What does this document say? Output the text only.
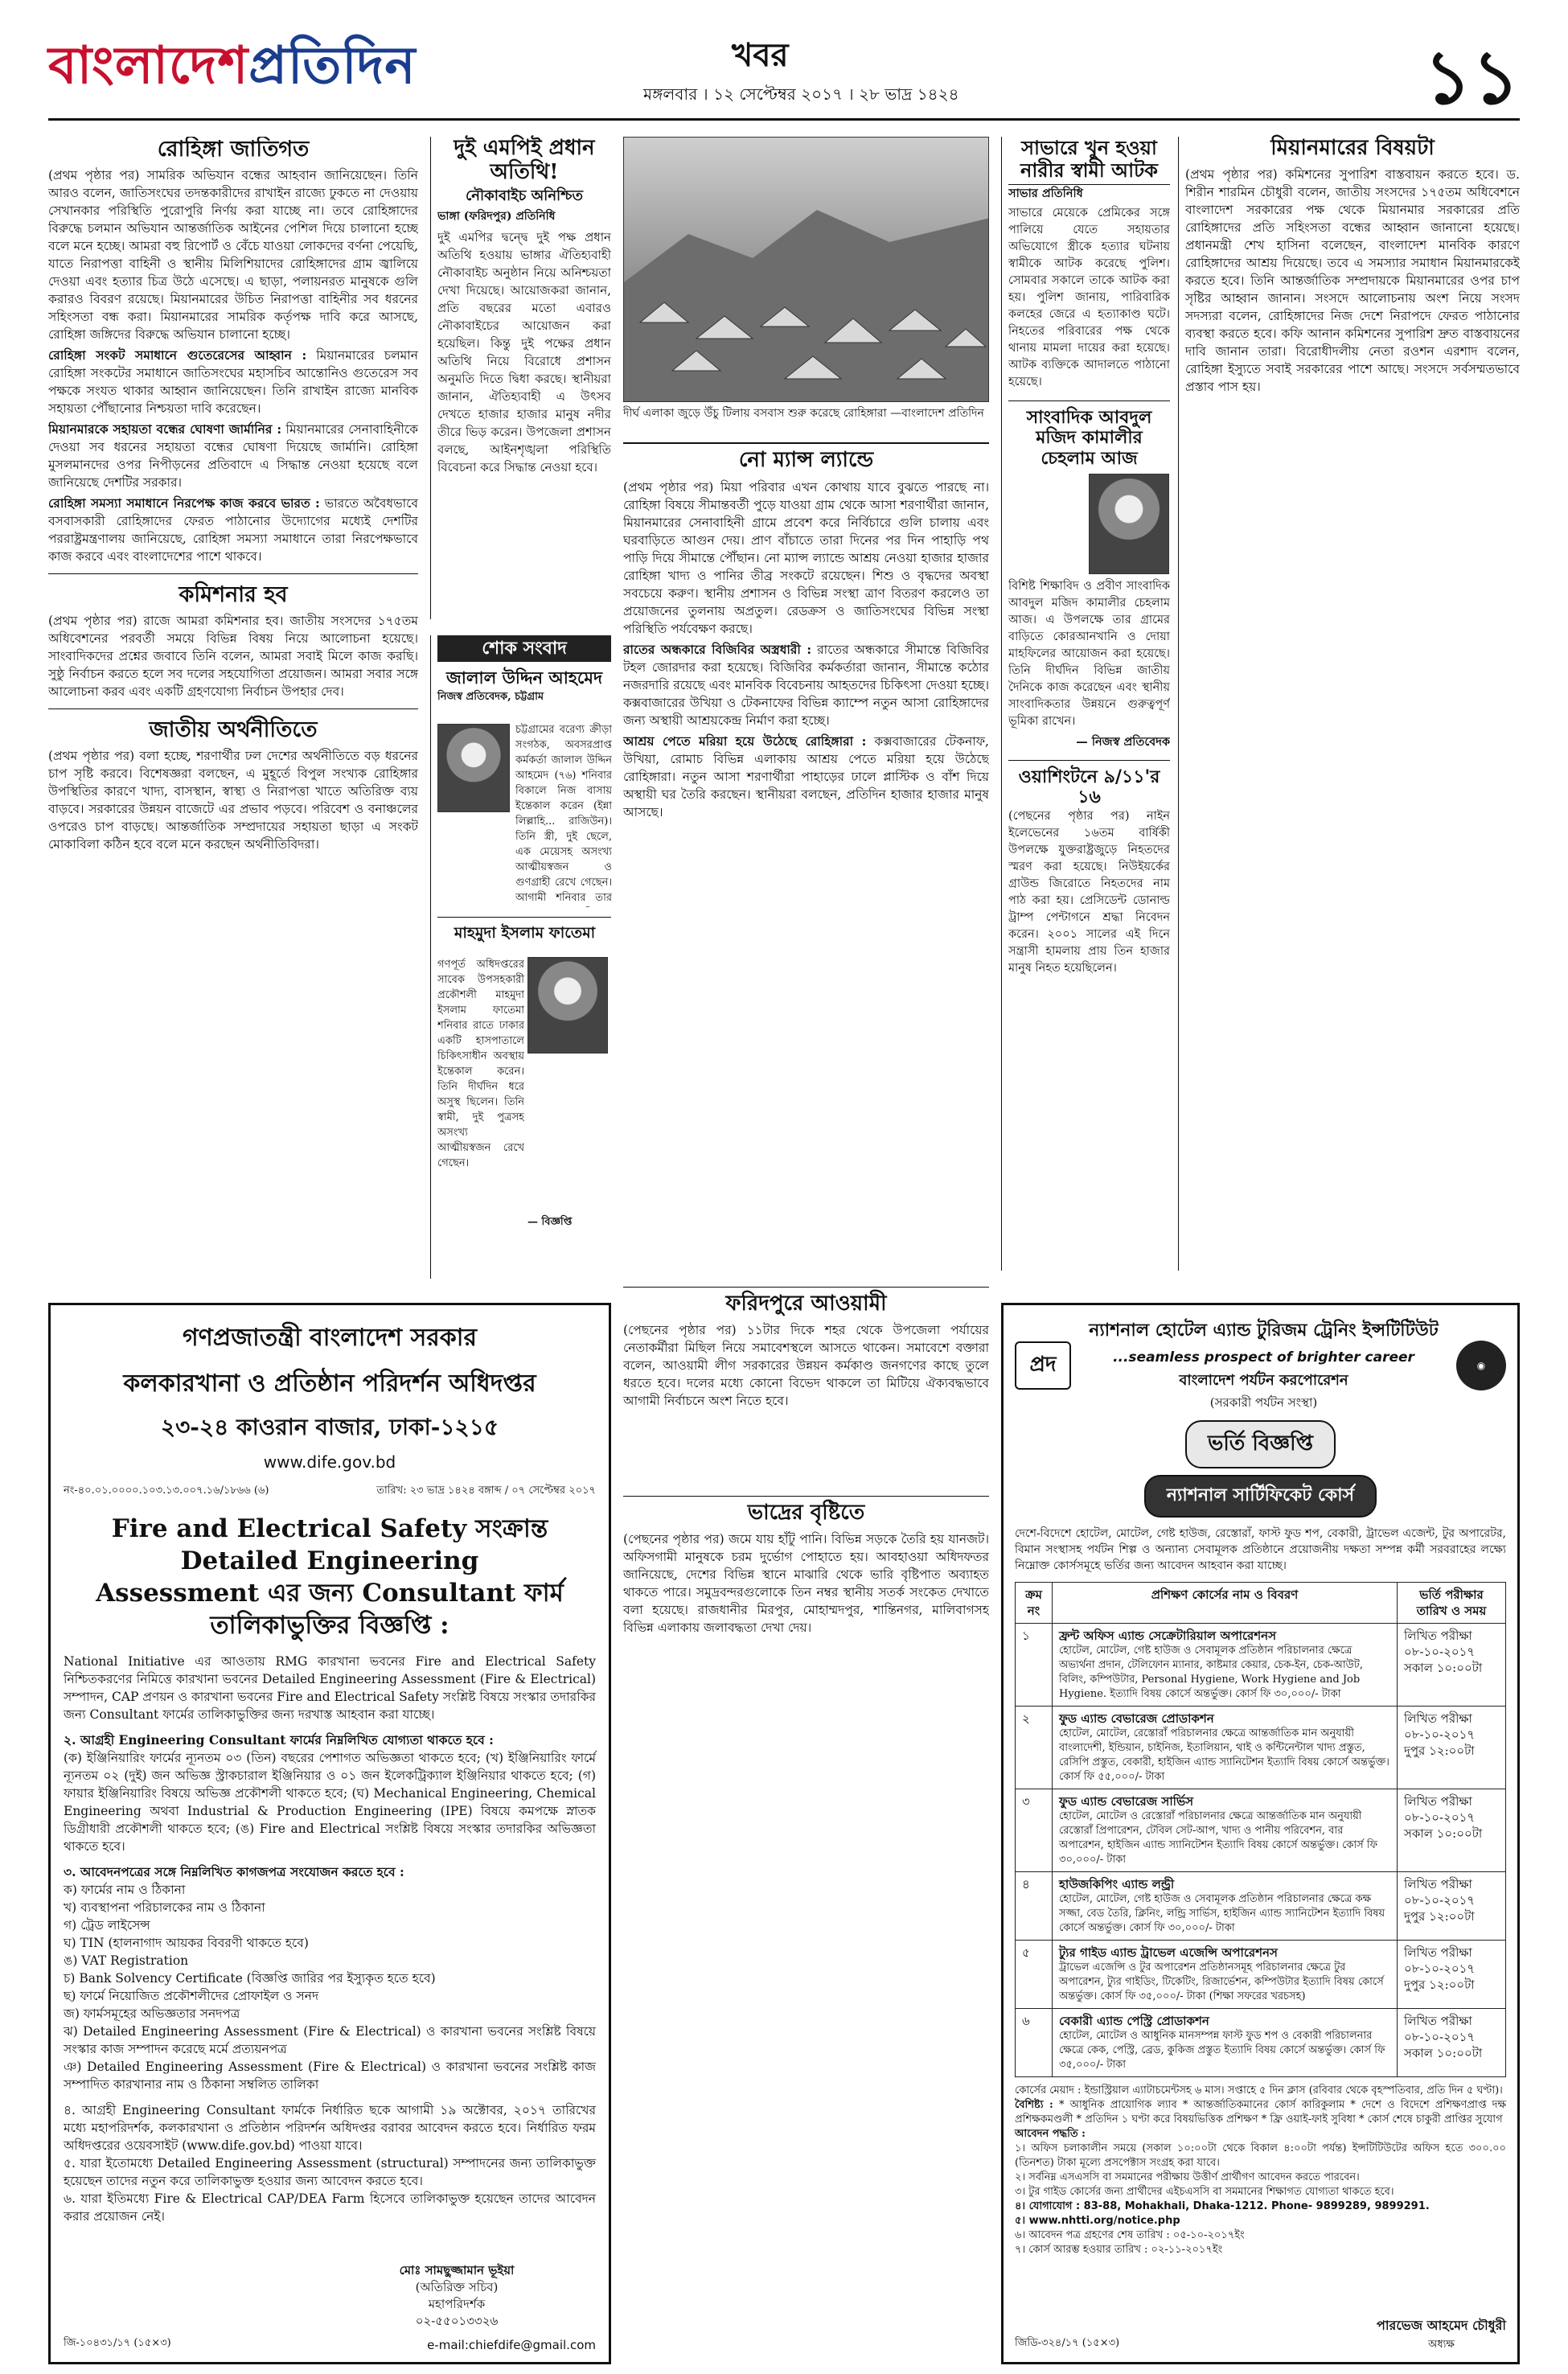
বাংলাদেশপ্রতিদিন	খবর
মঙ্গলবার । ১২ সেপ্টেম্বর ২০১৭ । ২৮ ভাদ্র ১৪২৪	১১
রোহিঙ্গা জাতিগত

(প্রথম পৃষ্ঠার পর) সামরিক অভিযান বন্ধের আহবান জানিয়েছেন। তিনি আরও বলেন, জাতিসংঘের তদন্তকারীদের রাখাইন রাজ্যে ঢুকতে না দেওয়ায় সেখানকার পরিস্থিতি পুরোপুরি নির্ণয় করা যাচ্ছে না। তবে রোহিঙ্গাদের বিরুদ্ধে চলমান অভিযান আন্তর্জাতিক আইনের পেশিল দিয়ে চালানো হচ্ছে বলে মনে হচ্ছে। আমরা বহু রিপোর্ট ও বেঁচে যাওয়া লোকদের বর্ণনা পেয়েছি, যাতে নিরাপত্তা বাহিনী ও স্থানীয় মিলিশিয়াদের রোহিঙ্গাদের গ্রাম জ্বালিয়ে দেওয়া এবং হত্যার চিত্র উঠে এসেছে। এ ছাড়া, পলায়নরত মানুষকে গুলি করারও বিবরণ রয়েছে। মিয়ানমারের উচিত নিরাপত্তা বাহিনীর সব ধরনের সহিংসতা বন্ধ করা। মিয়ানমারের সামরিক কর্তৃপক্ষ দাবি করে আসছে, রোহিঙ্গা জঙ্গিদের বিরুদ্ধে অভিযান চালানো হচ্ছে।

রোহিঙ্গা সংকট সমাধানে গুতেরেসের আহ্বান : মিয়ানমারের চলমান রোহিঙ্গা সংকটের সমাধানে জাতিসংঘের মহাসচিব আন্তোনিও গুতেরেস সব পক্ষকে সংযত থাকার আহ্বান জানিয়েছেন। তিনি রাখাইন রাজ্যে মানবিক সহায়তা পৌঁছানোর নিশ্চয়তা দাবি করেছেন।

মিয়ানমারকে সহায়তা বন্ধের ঘোষণা জার্মানির : মিয়ানমারের সেনাবাহিনীকে দেওয়া সব ধরনের সহায়তা বন্ধের ঘোষণা দিয়েছে জার্মানি। রোহিঙ্গা মুসলমানদের ওপর নিপীড়নের প্রতিবাদে এ সিদ্ধান্ত নেওয়া হয়েছে বলে জানিয়েছে দেশটির সরকার।

রোহিঙ্গা সমস্যা সমাধানে নিরপেক্ষ কাজ করবে ভারত : ভারতে অবৈধভাবে বসবাসকারী রোহিঙ্গাদের ফেরত পাঠানোর উদ্যোগের মধ্যেই দেশটির পররাষ্ট্রমন্ত্রণালয় জানিয়েছে, রোহিঙ্গা সমস্যা সমাধানে তারা নিরপেক্ষভাবে কাজ করবে এবং বাংলাদেশের পাশে থাকবে।

কমিশনার হব

(প্রথম পৃষ্ঠার পর) রাজে আমরা কমিশনার হব। জাতীয় সংসদের ১৭৫তম অধিবেশনের পরবর্তী সময়ে বিভিন্ন বিষয় নিয়ে আলোচনা হয়েছে। সাংবাদিকদের প্রশ্নের জবাবে তিনি বলেন, আমরা সবাই মিলে কাজ করছি। সুষ্ঠু নির্বাচন করতে হলে সব দলের সহযোগিতা প্রয়োজন। আমরা সবার সঙ্গে আলোচনা করব এবং একটি গ্রহণযোগ্য নির্বাচন উপহার দেব।

জাতীয় অর্থনীতিতে

(প্রথম পৃষ্ঠার পর) বলা হচ্ছে, শরণার্থীর ঢল দেশের অর্থনীতিতে বড় ধরনের চাপ সৃষ্টি করবে। বিশেষজ্ঞরা বলছেন, এ মুহূর্তে বিপুল সংখ্যক রোহিঙ্গার উপস্থিতির কারণে খাদ্য, বাসস্থান, স্বাস্থ্য ও নিরাপত্তা খাতে অতিরিক্ত ব্যয় বাড়বে। সরকারের উন্নয়ন বাজেটে এর প্রভাব পড়বে। পরিবেশ ও বনাঞ্চলের ওপরেও চাপ বাড়ছে। আন্তর্জাতিক সম্প্রদায়ের সহায়তা ছাড়া এ সংকট মোকাবিলা কঠিন হবে বলে মনে করছেন অর্থনীতিবিদরা।

দুই এমপিই প্রধান অতিথি!
নৌকাবাইচ অনিশ্চিত

ভাঙ্গা (ফরিদপুর) প্রতিনিধি

দুই এমপির দ্বন্দ্বে দুই পক্ষ প্রধান অতিথি হওয়ায় ভাঙ্গার ঐতিহ্যবাহী নৌকাবাইচ অনুষ্ঠান নিয়ে অনিশ্চয়তা দেখা দিয়েছে। আয়োজকরা জানান, প্রতি বছরের মতো এবারও নৌকাবাইচের আয়োজন করা হয়েছিল। কিন্তু দুই পক্ষের প্রধান অতিথি নিয়ে বিরোধে প্রশাসন অনুমতি দিতে দ্বিধা করছে। স্থানীয়রা জানান, ঐতিহ্যবাহী এ উৎসব দেখতে হাজার হাজার মানুষ নদীর তীরে ভিড় করেন। উপজেলা প্রশাসন বলছে, আইনশৃঙ্খলা পরিস্থিতি বিবেচনা করে সিদ্ধান্ত নেওয়া হবে।

শোক সংবাদ
জালাল উদ্দিন আহমেদ
নিজস্ব প্রতিবেদক, চট্টগ্রাম
চট্টগ্রামের বরেণ্য ক্রীড়া সংগঠক, অবসরপ্রাপ্ত কর্মকর্তা জালাল উদ্দিন আহমেদ (৭৬) শনিবার বিকালে নিজ বাসায় ইন্তেকাল করেন (ইন্না লিল্লাহি... রাজিউন)। তিনি স্ত্রী, দুই ছেলে, এক মেয়েসহ অসংখ্য আত্মীয়স্বজন ও গুণগ্রাহী রেখে গেছেন। আগামী শনিবার তার
মাহমুদা ইসলাম ফাতেমা
গণপূর্ত অধিদপ্তরের সাবেক উপসহকারী প্রকৌশলী মাহমুদা ইসলাম ফাতেমা শনিবার রাতে ঢাকার একটি হাসপাতালে চিকিৎসাধীন অবস্থায় ইন্তেকাল করেন। তিনি দীর্ঘদিন ধরে অসুস্থ ছিলেন। তিনি স্বামী, দুই পুত্রসহ অসংখ্য আত্মীয়স্বজন রেখে গেছেন।
— বিজ্ঞপ্তি
দীর্ঘ এলাকা জুড়ে উঁচু টিলায় বসবাস শুরু করেছে রোহিঙ্গারা —বাংলাদেশ প্রতিদিন
নো ম্যান্স ল্যান্ডে

(প্রথম পৃষ্ঠার পর) মিয়া পরিবার এখন কোথায় যাবে বুঝতে পারছে না। রোহিঙ্গা বিষয়ে সীমান্তবর্তী পুড়ে যাওয়া গ্রাম থেকে আসা শরণার্থীরা জানান, মিয়ানমারের সেনাবাহিনী গ্রামে প্রবেশ করে নির্বিচারে গুলি চালায় এবং ঘরবাড়িতে আগুন দেয়। প্রাণ বাঁচাতে তারা দিনের পর দিন পাহাড়ি পথ পাড়ি দিয়ে সীমান্তে পৌঁছান। নো ম্যান্স ল্যান্ডে আশ্রয় নেওয়া হাজার হাজার রোহিঙ্গা খাদ্য ও পানির তীব্র সংকটে রয়েছেন। শিশু ও বৃদ্ধদের অবস্থা সবচেয়ে করুণ। স্থানীয় প্রশাসন ও বিভিন্ন সংস্থা ত্রাণ বিতরণ করলেও তা প্রয়োজনের তুলনায় অপ্রতুল। রেডক্রস ও জাতিসংঘের বিভিন্ন সংস্থা পরিস্থিতি পর্যবেক্ষণ করছে।

রাতের অন্ধকারে বিজিবির অস্ত্রধারী : রাতের অন্ধকারে সীমান্তে বিজিবির টহল জোরদার করা হয়েছে। বিজিবির কর্মকর্তারা জানান, সীমান্তে কঠোর নজরদারি রয়েছে এবং মানবিক বিবেচনায় আহতদের চিকিৎসা দেওয়া হচ্ছে। কক্সবাজারের উখিয়া ও টেকনাফের বিভিন্ন ক্যাম্পে নতুন আসা রোহিঙ্গাদের জন্য অস্থায়ী আশ্রয়কেন্দ্র নির্মাণ করা হচ্ছে।

আশ্রয় পেতে মরিয়া হয়ে উঠেছে রোহিঙ্গারা : কক্সবাজারের টেকনাফ, উখিয়া, রোমাচ বিভিন্ন এলাকায় আশ্রয় পেতে মরিয়া হয়ে উঠেছে রোহিঙ্গারা। নতুন আসা শরণার্থীরা পাহাড়ের ঢালে প্লাস্টিক ও বাঁশ দিয়ে অস্থায়ী ঘর তৈরি করছেন। স্থানীয়রা বলছেন, প্রতিদিন হাজার হাজার মানুষ আসছে।

ফরিদপুরে আওয়ামী

(পেছনের পৃষ্ঠার পর) ১১টার দিকে শহর থেকে উপজেলা পর্যায়ের নেতাকর্মীরা মিছিল নিয়ে সমাবেশস্থলে আসতে থাকেন। সমাবেশে বক্তারা বলেন, আওয়ামী লীগ সরকারের উন্নয়ন কর্মকাণ্ড জনগণের কাছে তুলে ধরতে হবে। দলের মধ্যে কোনো বিভেদ থাকলে তা মিটিয়ে ঐক্যবদ্ধভাবে আগামী নির্বাচনে অংশ নিতে হবে।

ভাদ্রের বৃষ্টিতে

(পেছনের পৃষ্ঠার পর) জমে যায় হাঁটু পানি। বিভিন্ন সড়কে তৈরি হয় যানজট। অফিসগামী মানুষকে চরম দুর্ভোগ পোহাতে হয়। আবহাওয়া অধিদফতর জানিয়েছে, দেশের বিভিন্ন স্থানে মাঝারি থেকে ভারি বৃষ্টিপাত অব্যাহত থাকতে পারে। সমুদ্রবন্দরগুলোকে তিন নম্বর স্থানীয় সতর্ক সংকেত দেখাতে বলা হয়েছে। রাজধানীর মিরপুর, মোহাম্মদপুর, শান্তিনগর, মালিবাগসহ বিভিন্ন এলাকায় জলাবদ্ধতা দেখা দেয়।

সাভারে খুন হওয়া নারীর স্বামী আটক

সাভার প্রতিনিধি

সাভারে মেয়েকে প্রেমিকের সঙ্গে পালিয়ে যেতে সহায়তার অভিযোগে স্ত্রীকে হত্যার ঘটনায় স্বামীকে আটক করেছে পুলিশ। সোমবার সকালে তাকে আটক করা হয়। পুলিশ জানায়, পারিবারিক কলহের জেরে এ হত্যাকাণ্ড ঘটে। নিহতের পরিবারের পক্ষ থেকে থানায় মামলা দায়ের করা হয়েছে। আটক ব্যক্তিকে আদালতে পাঠানো হয়েছে।

সাংবাদিক আবদুল মজিদ কামালীর চেহলাম আজ

বিশিষ্ট শিক্ষাবিদ ও প্রবীণ সাংবাদিক আবদুল মজিদ কামালীর চেহলাম আজ। এ উপলক্ষে তার গ্রামের বাড়িতে কোরআনখানি ও দোয়া মাহফিলের আয়োজন করা হয়েছে। তিনি দীর্ঘদিন বিভিন্ন জাতীয় দৈনিকে কাজ করেছেন এবং স্থানীয় সাংবাদিকতার উন্নয়নে গুরুত্বপূর্ণ ভূমিকা রাখেন।

— নিজস্ব প্রতিবেদক

ওয়াশিংটনে ৯/১১'র ১৬

(পেছনের পৃষ্ঠার পর) নাইন ইলেভেনের ১৬তম বার্ষিকী উপলক্ষে যুক্তরাষ্ট্রজুড়ে নিহতদের স্মরণ করা হয়েছে। নিউইয়র্কের গ্রাউন্ড জিরোতে নিহতদের নাম পাঠ করা হয়। প্রেসিডেন্ট ডোনাল্ড ট্রাম্প পেন্টাগনে শ্রদ্ধা নিবেদন করেন। ২০০১ সালের এই দিনে সন্ত্রাসী হামলায় প্রায় তিন হাজার মানুষ নিহত হয়েছিলেন।

মিয়ানমারের বিষয়টা

(প্রথম পৃষ্ঠার পর) কমিশনের সুপারিশ বাস্তবায়ন করতে হবে। ড. শিরীন শারমিন চৌধুরী বলেন, জাতীয় সংসদের ১৭৫তম অধিবেশনে বাংলাদেশ সরকারের পক্ষ থেকে মিয়ানমার সরকারের প্রতি রোহিঙ্গাদের প্রতি সহিংসতা বন্ধের আহ্বান জানানো হয়েছে। প্রধানমন্ত্রী শেখ হাসিনা বলেছেন, বাংলাদেশ মানবিক কারণে রোহিঙ্গাদের আশ্রয় দিয়েছে। তবে এ সমস্যার সমাধান মিয়ানমারকেই করতে হবে। তিনি আন্তর্জাতিক সম্প্রদায়কে মিয়ানমারের ওপর চাপ সৃষ্টির আহ্বান জানান। সংসদে আলোচনায় অংশ নিয়ে সংসদ সদস্যরা বলেন, রোহিঙ্গাদের নিজ দেশে নিরাপদে ফেরত পাঠানোর ব্যবস্থা করতে হবে। কফি আনান কমিশনের সুপারিশ দ্রুত বাস্তবায়নের দাবি জানান তারা। বিরোধীদলীয় নেতা রওশন এরশাদ বলেন, রোহিঙ্গা ইস্যুতে সবাই সরকারের পাশে আছে। সংসদে সর্বসম্মতভাবে প্রস্তাব পাস হয়।

গণপ্রজাতন্ত্রী বাংলাদেশ সরকার
কলকারখানা ও প্রতিষ্ঠান পরিদর্শন অধিদপ্তর
২৩-২৪ কাওরান বাজার, ঢাকা-১২১৫
www.dife.gov.bd
নং-৪০.০১.০০০০.১০৩.১৩.০০৭.১৬/১৮৬৬ (৬)	তারিখ: ২৩ ভাদ্র ১৪২৪ বঙ্গাব্দ / ০৭ সেপ্টেম্বর ২০১৭
Fire and Electrical Safety সংক্রান্ত Detailed Engineering
Assessment এর জন্য Consultant ফার্ম তালিকাভুক্তির বিজ্ঞপ্তি :

National Initiative এর আওতায় RMG কারখানা ভবনের Fire and Electrical Safety নিশ্চিতকরণের নিমিত্তে কারখানা ভবনের Detailed Engineering Assessment (Fire & Electrical) সম্পাদন, CAP প্রণয়ন ও কারখানা ভবনের Fire and Electrical Safety সংশ্লিষ্ট বিষয়ে সংস্কার তদারকির জন্য Consultant ফার্মের তালিকাভুক্তির জন্য দরখাস্ত আহবান করা যাচ্ছে।

২. আগ্রহী Engineering Consultant ফার্মের নিম্নলিখিত যোগ্যতা থাকতে হবে :

(ক) ইঞ্জিনিয়ারিং ফার্মের ন্যূনতম ০৩ (তিন) বছরের পেশাগত অভিজ্ঞতা থাকতে হবে; (খ) ইঞ্জিনিয়ারিং ফার্মে ন্যূনতম ০২ (দুই) জন অভিজ্ঞ স্ট্রাকচারাল ইঞ্জিনিয়ার ও ০১ জন ইলেকট্রিক্যাল ইঞ্জিনিয়ার থাকতে হবে; (গ) ফায়ার ইঞ্জিনিয়ারিং বিষয়ে অভিজ্ঞ প্রকৌশলী থাকতে হবে; (ঘ) Mechanical Engineering, Chemical Engineering অথবা Industrial & Production Engineering (IPE) বিষয়ে কমপক্ষে স্নাতক ডিগ্রীধারী প্রকৌশলী থাকতে হবে; (ঙ) Fire and Electrical সংশ্লিষ্ট বিষয়ে সংস্কার তদারকির অভিজ্ঞতা থাকতে হবে।

৩. আবেদনপত্রের সঙ্গে নিম্নলিখিত কাগজপত্র সংযোজন করতে হবে :

ক) ফার্মের নাম ও ঠিকানা
খ) ব্যবস্থাপনা পরিচালকের নাম ও ঠিকানা
গ) ট্রেড লাইসেন্স
ঘ) TIN (হালনাগাদ আয়কর বিবরণী থাকতে হবে)
ঙ) VAT Registration
চ) Bank Solvency Certificate (বিজ্ঞপ্তি জারির পর ইস্যুকৃত হতে হবে)
ছ) ফার্মে নিয়োজিত প্রকৌশলীদের প্রোফাইল ও সনদ
জ) ফার্মসমূহের অভিজ্ঞতার সনদপত্র
ঝ) Detailed Engineering Assessment (Fire & Electrical) ও কারখানা ভবনের সংশ্লিষ্ট বিষয়ে সংস্কার কাজ সম্পাদন করেছে মর্মে প্রত্যয়নপত্র
ঞ) Detailed Engineering Assessment (Fire & Electrical) ও কারখানা ভবনের সংশ্লিষ্ট কাজ সম্পাদিত কারখানার নাম ও ঠিকানা সম্বলিত তালিকা

৪. আগ্রহী Engineering Consultant ফার্মকে নির্ধারিত ছকে আগামী ১৯ অক্টোবর, ২০১৭ তারিখের মধ্যে মহাপরিদর্শক, কলকারখানা ও প্রতিষ্ঠান পরিদর্শন অধিদপ্তর বরাবর আবেদন করতে হবে। নির্ধারিত ফরম অধিদপ্তরের ওয়েবসাইট (www.dife.gov.bd) পাওয়া যাবে।

৫. যারা ইতোমধ্যে Detailed Engineering Assessment (structural) সম্পাদনের জন্য তালিকাভুক্ত হয়েছেন তাদের নতুন করে তালিকাভুক্ত হওয়ার জন্য আবেদন করতে হবে।

৬. যারা ইতিমধ্যে Fire & Electrical CAP/DEA Farm হিসেবে তালিকাভুক্ত হয়েছেন তাদের আবেদন করার প্রয়োজন নেই।

মোঃ সামছুজ্জামান ভূইয়া
(অতিরিক্ত সচিব)
মহাপরিদর্শক
০২-৫৫০১৩৩২৬
জি-১০৪৩১/১৭ (১৫×৩)	e-mail:chiefdife@gmail.com
প্রদ
ন্যাশনাল হোটেল এ্যান্ড টুরিজম ট্রেনিং ইন্সটিটিউট
...seamless prospect of brighter career
বাংলাদেশ পর্যটন করপোরেশন
(সরকারী পর্যটন সংস্থা)
◉
ভর্তি বিজ্ঞপ্তি
ন্যাশনাল সার্টিফিকেট কোর্স

দেশে-বিদেশে হোটেল, মোটেল, গেষ্ট হাউজ, রেস্তোরাঁ, ফাস্ট ফুড শপ, বেকারী, ট্রাভেল এজেন্ট, টুর অপারেটর, বিমান সংস্থাসহ পর্যটন শিল্প ও অন্যান্য সেবামূলক প্রতিষ্ঠানে প্রয়োজনীয় দক্ষতা সম্পন্ন কর্মী সরবরাহের লক্ষ্যে নিম্নোক্ত কোর্সসমূহে ভর্তির জন্য আবেদন আহবান করা যাচ্ছে।

ক্রম নং	প্রশিক্ষণ কোর্সের নাম ও বিবরণ	ভর্তি পরীক্ষার তারিখ ও সময়
১	ফ্রন্ট অফিস এ্যান্ড সেক্রেটারিয়াল অপারেশনস
হোটেল, মোটেল, গেষ্ট হাউজ ও সেবামূলক প্রতিষ্ঠান পরিচালনার ক্ষেত্রে অভ্যর্থনা প্রদান, টেলিফোন ম্যানার, কাষ্টমার কেয়ার, চেক-ইন, চেক-আউট, বিলিং, কম্পিউটার, Personal Hygiene, Work Hygiene and Job Hygiene. ইত্যাদি বিষয় কোর্সে অন্তর্ভুক্ত। কোর্স ফি ৩০,০০০/- টাকা	লিখিত পরীক্ষা ০৮-১০-২০১৭ সকাল ১০:০০টা
২	ফুড এ্যান্ড বেভারেজ প্রোডাকশন
হোটেল, মোটেল, রেস্তোরাঁ পরিচালনার ক্ষেত্রে আন্তর্জাতিক মান অনুযায়ী বাংলাদেশী, ইন্ডিয়ান, চাইনিজ, ইতালিয়ান, থাই ও কন্টিনেন্টাল খাদ্য প্রস্তুত, রেসিপি প্রস্তুত, বেকারী, হাইজিন এ্যান্ড স্যানিটেশন ইত্যাদি বিষয় কোর্সে অন্তর্ভুক্ত। কোর্স ফি ৫৫,০০০/- টাকা	লিখিত পরীক্ষা ০৮-১০-২০১৭ দুপুর ১২:০০টা
৩	ফুড এ্যান্ড বেভারেজ সার্ভিস
হোটেল, মোটেল ও রেস্তোরাঁ পরিচালনার ক্ষেত্রে আন্তর্জাতিক মান অনুযায়ী রেস্তোরাঁ প্রিপারেশন, টেবিল সেট-আপ, খাদ্য ও পানীয় পরিবেশন, বার অপারেশন, হাইজিন এ্যান্ড স্যানিটেশন ইত্যাদি বিষয় কোর্সে অন্তর্ভুক্ত। কোর্স ফি ৩০,০০০/- টাকা	লিখিত পরীক্ষা ০৮-১০-২০১৭ সকাল ১০:০০টা
৪	হাউজকিপিং এ্যান্ড লন্ড্রী
হোটেল, মোটেল, গেষ্ট হাউজ ও সেবামূলক প্রতিষ্ঠান পরিচালনার ক্ষেত্রে কক্ষ সজ্জা, বেড তৈরি, ক্লিনিং, লন্ড্রি সার্ভিস, হাইজিন এ্যান্ড স্যানিটেশন ইত্যাদি বিষয় কোর্সে অন্তর্ভুক্ত। কোর্স ফি ৩০,০০০/- টাকা	লিখিত পরীক্ষা ০৮-১০-২০১৭ দুপুর ১২:০০টা
৫	ট্যুর গাইড এ্যান্ড ট্রাভেল এজেন্সি অপারেশনস
ট্রাভেল এজেন্সি ও টুর অপারেশন প্রতিষ্ঠানসমূহ পরিচালনার ক্ষেত্রে টুর অপারেশন, ট্যুর গাইডিং, টিকেটিং, রিজার্ভেশন, কম্পিউটার ইত্যাদি বিষয় কোর্সে অন্তর্ভুক্ত। কোর্স ফি ৩৫,০০০/- টাকা (শিক্ষা সফরের খরচসহ)	লিখিত পরীক্ষা ০৮-১০-২০১৭ দুপুর ১২:০০টা
৬	বেকারী এ্যান্ড পেস্ট্রি প্রোডাকশন
হোটেল, মোটেল ও আধুনিক মানসম্পন্ন ফাস্ট ফুড শপ ও বেকারী পরিচালনার ক্ষেত্রে কেক, পেস্ট্রি, ব্রেড, কুকিজ প্রস্তুত ইত্যাদি বিষয় কোর্সে অন্তর্ভুক্ত। কোর্স ফি ৩৫,০০০/- টাকা	লিখিত পরীক্ষা ০৮-১০-২০১৭ সকাল ১০:০০টা

কোর্সের মেয়াদ : ইন্ডাস্ট্রিয়াল এ্যাটাচমেন্টসহ ৬ মাস। সপ্তাহে ৫ দিন ক্লাস (রবিবার থেকে বৃহস্পতিবার, প্রতি দিন ৫ ঘণ্টা)।

বৈশিষ্ট্য : * আধুনিক প্রায়োগিক ল্যাব * আন্তর্জাতিকমানের কোর্স কারিকুলাম * দেশে ও বিদেশে প্রশিক্ষণপ্রাপ্ত দক্ষ প্রশিক্ষকমণ্ডলী * প্রতিদিন ১ ঘণ্টা করে বিষয়ভিত্তিক প্রশিক্ষণ * ফ্রি ওয়াই-ফাই সুবিধা * কোর্স শেষে চাকুরী প্রাপ্তির সুযোগ

আবেদন পদ্ধতি :

১। অফিস চলাকালীন সময়ে (সকাল ১০:০০টা থেকে বিকাল ৪:০০টা পর্যন্ত) ইন্সটিটিউটের অফিস হতে ৩০০.০০ (তিনশত) টাকা মূল্যে প্রসপেক্টাস সংগ্রহ করা যাবে।
২। সর্বনিম্ন এসএসসি বা সমমানের পরীক্ষায় উত্তীর্ণ প্রার্থীগণ আবেদন করতে পারবেন।
৩। টুর গাইড কোর্সের জন্য প্রার্থীদের এইচএসসি বা সমমানের শিক্ষাগত যোগ্যতা থাকতে হবে।
৪। যোগাযোগ : 83-88, Mohakhali, Dhaka-1212. Phone- 9899289, 9899291.
৫। www.nhtti.org/notice.php
৬। আবেদন পত্র গ্রহণের শেষ তারিখ : ০৫-১০-২০১৭ইং
৭। কোর্স আরম্ভ হওয়ার তারিখ : ০২-১১-২০১৭ইং
জিডি-৩২৪/১৭ (১৫×৩)
পারভেজ আহমেদ চৌধুরী
অধ্যক্ষ
